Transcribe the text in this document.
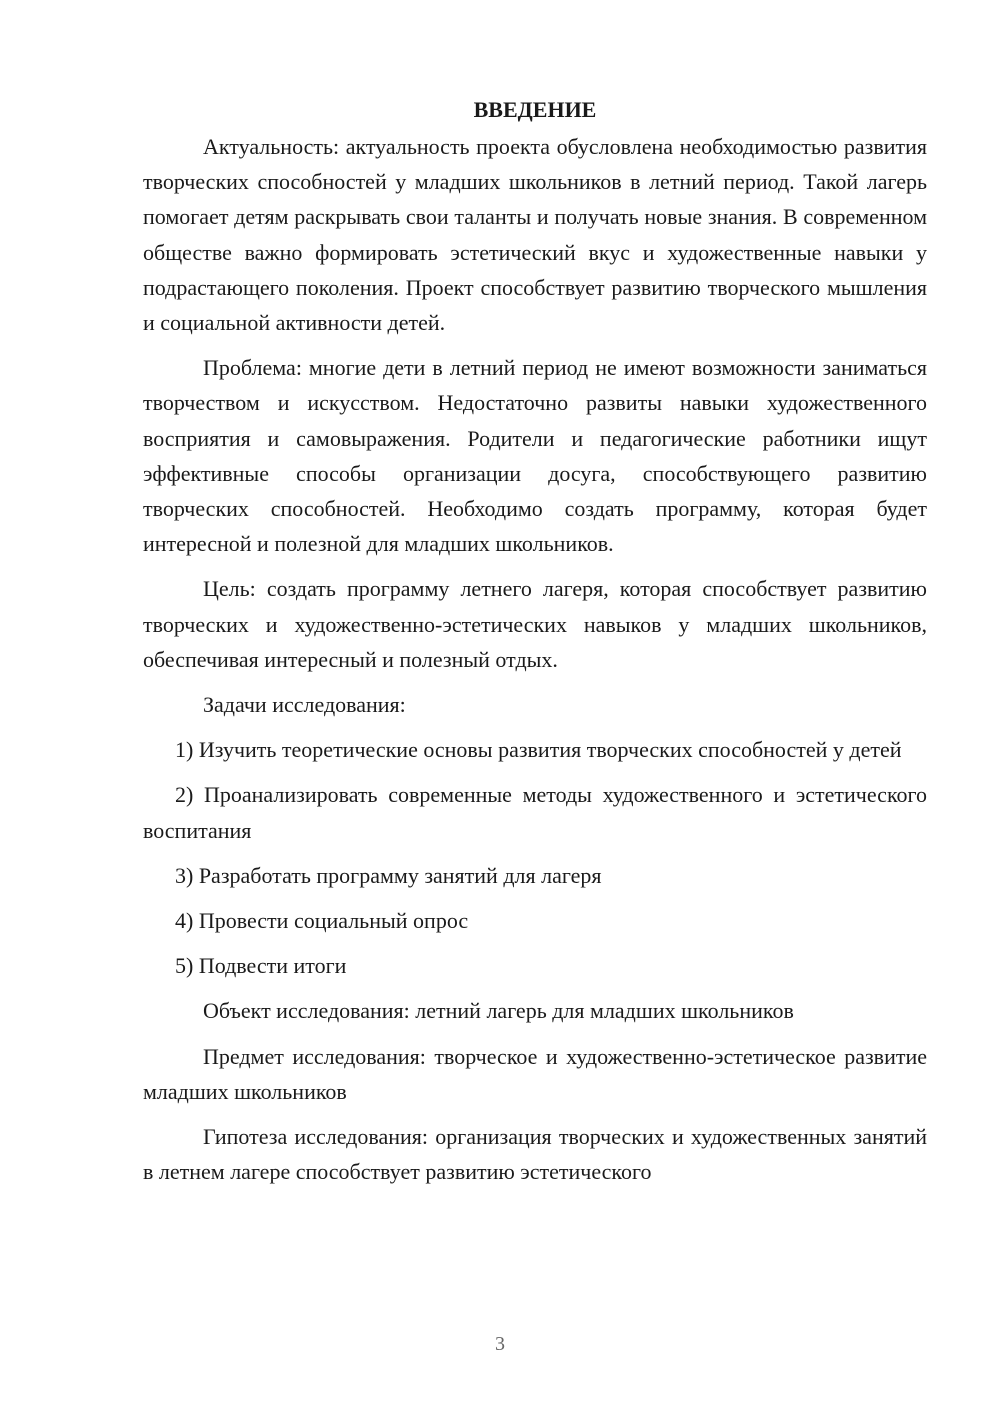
ВВЕДЕНИЕ

Актуальность: актуальность проекта обусловлена необходимостью развития творческих способностей у младших школьников в летний период. Такой лагерь помогает детям раскрывать свои таланты и получать новые знания. В современном обществе важно формировать эстетический вкус и художественные навыки у подрастающего поколения. Проект способствует развитию творческого мышления и социальной активности детей.

Проблема: многие дети в летний период не имеют возможности заниматься творчеством и искусством. Недостаточно развиты навыки художественного восприятия и самовыражения. Родители и педагогические работники ищут эффективные способы организации досуга, способствующего развитию творческих способностей. Необходимо создать программу, которая будет интересной и полезной для младших школьников.

Цель: создать программу летнего лагеря, которая способствует развитию творческих и художественно-эстетических навыков у младших школьников, обеспечивая интересный и полезный отдых.

Задачи исследования:

1) Изучить теоретические основы развития творческих способностей у детей

2) Проанализировать современные методы художественного и эстетического воспитания

3) Разработать программу занятий для лагеря

4) Провести социальный опрос

5) Подвести итоги

Объект исследования: летний лагерь для младших школьников

Предмет исследования: творческое и художественно-эстетическое развитие младших школьников

Гипотеза исследования: организация творческих и художественных занятий в летнем лагере способствует развитию эстетического

3
